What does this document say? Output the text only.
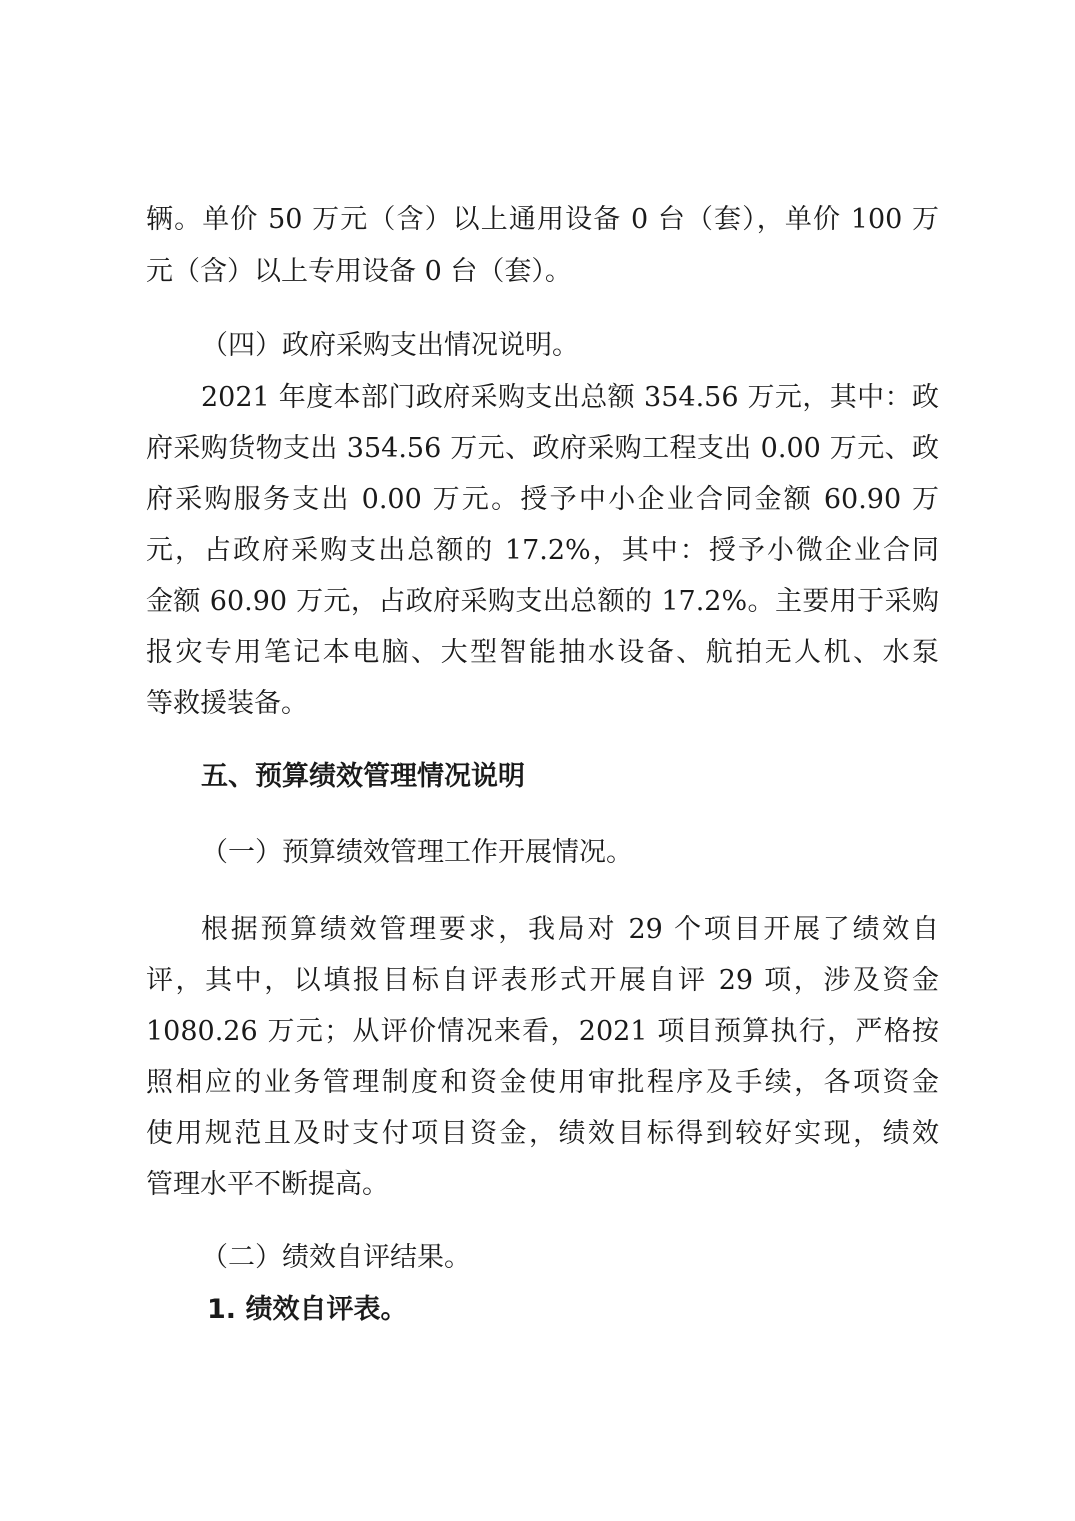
辆。单价 50 万元（含）以上通用设备 0 台（套），单价 100 万
元（含）以上专用设备 0 台（套）。
（四）政府采购支出情况说明。
2021 年度本部门政府采购支出总额 354.56 万元，其中：政
府采购货物支出 354.56 万元、政府采购工程支出 0.00 万元、政
府采购服务支出 0.00 万元。授予中小企业合同金额 60.90 万
元，占政府采购支出总额的 17.2%，其中：授予小微企业合同
金额 60.90 万元，占政府采购支出总额的 17.2%。主要用于采购
报灾专用笔记本电脑、大型智能抽水设备、航拍无人机、水泵
等救援装备。
五、预算绩效管理情况说明
（一）预算绩效管理工作开展情况。
根据预算绩效管理要求，我局对 29 个项目开展了绩效自
评，其中，以填报目标自评表形式开展自评 29 项，涉及资金
1080.26 万元；从评价情况来看，2021 项目预算执行，严格按
照相应的业务管理制度和资金使用审批程序及手续，各项资金
使用规范且及时支付项目资金，绩效目标得到较好实现，绩效
管理水平不断提高。
（二）绩效自评结果。
1. 绩效自评表。
